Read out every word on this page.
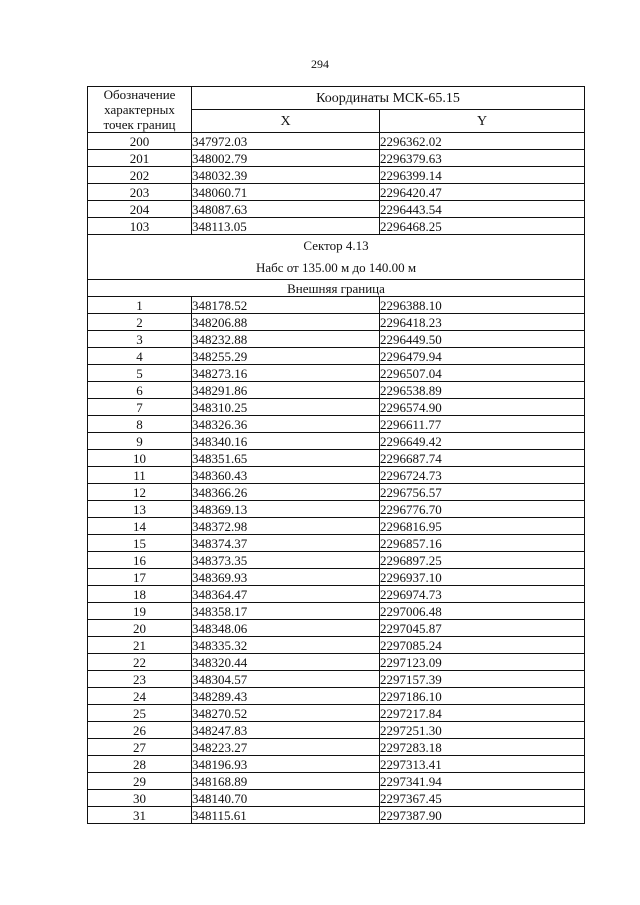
294
Обозначение характерных точек границ	Координаты МСК-65.15	
	X	Y
200	347972.03	2296362.02
201	348002.79	2296379.63
202	348032.39	2296399.14
203	348060.71	2296420.47
204	348087.63	2296443.54
103	348113.05	2296468.25

Сектор 4.13
Набс от 135.00 м до 140.00 м		

Внешняя граница		
1	348178.52	2296388.10
2	348206.88	2296418.23
3	348232.88	2296449.50
4	348255.29	2296479.94
5	348273.16	2296507.04
6	348291.86	2296538.89
7	348310.25	2296574.90
8	348326.36	2296611.77
9	348340.16	2296649.42
10	348351.65	2296687.74
11	348360.43	2296724.73
12	348366.26	2296756.57
13	348369.13	2296776.70
14	348372.98	2296816.95
15	348374.37	2296857.16
16	348373.35	2296897.25
17	348369.93	2296937.10
18	348364.47	2296974.73
19	348358.17	2297006.48
20	348348.06	2297045.87
21	348335.32	2297085.24
22	348320.44	2297123.09
23	348304.57	2297157.39
24	348289.43	2297186.10
25	348270.52	2297217.84
26	348247.83	2297251.30
27	348223.27	2297283.18
28	348196.93	2297313.41
29	348168.89	2297341.94
30	348140.70	2297367.45
31	348115.61	2297387.90
